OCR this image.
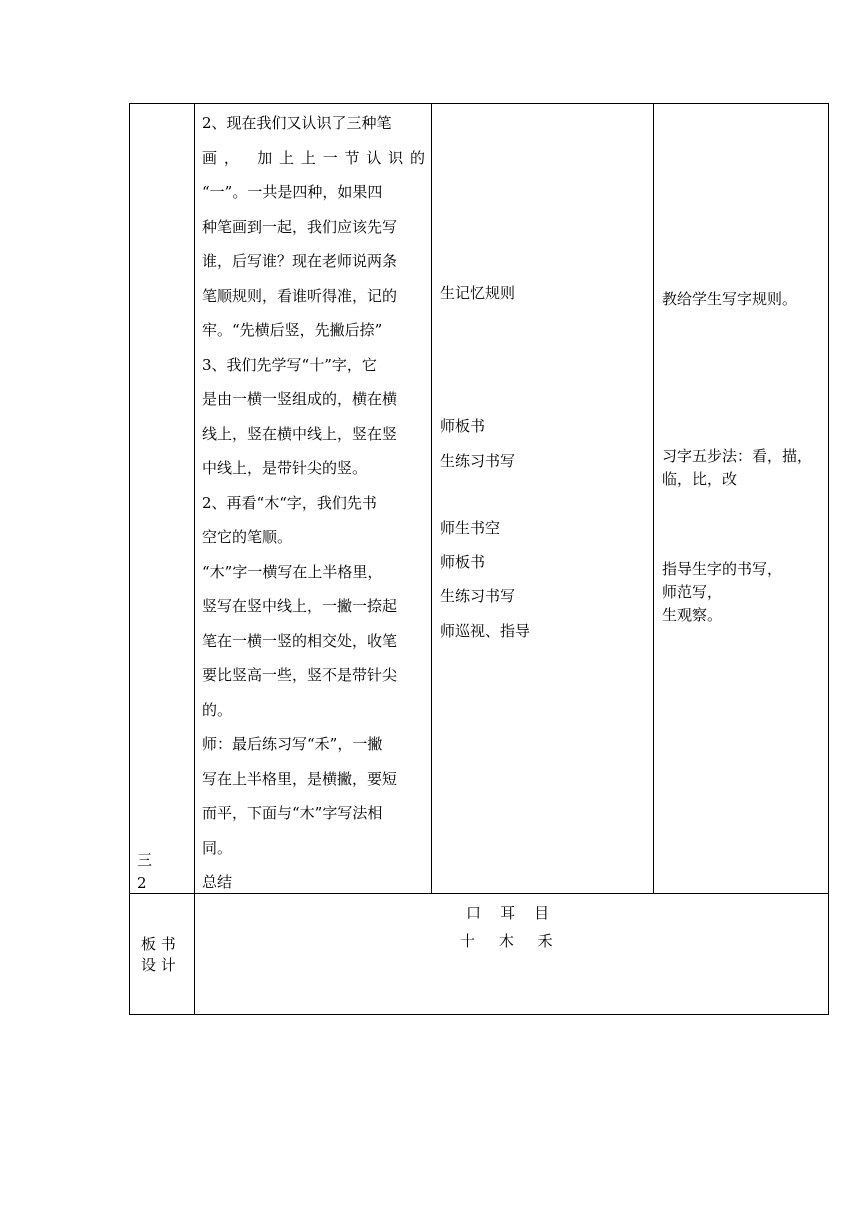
三
2
2、现在我们又认识了三种笔
画， 加上上一节认识的
“一”。一共是四种，如果四
种笔画到一起，我们应该先写
谁，后写谁？现在老师说两条
笔顺规则，看谁听得准，记的
牢。“先横后竖，先撇后捺”
3、我们先学写“十”字，它
是由一横一竖组成的，横在横
线上，竖在横中线上，竖在竖
中线上，是带针尖的竖。
2、再看“木“字，我们先书
空它的笔顺。
“木”字一横写在上半格里，
竖写在竖中线上，一撇一捺起
笔在一横一竖的相交处，收笔
要比竖高一些，竖不是带针尖
的。
师：最后练习写“禾”，一撇
写在上半格里，是横撇，要短
而平，下面与“木”字写法相
同。
总结
生记忆规则
师板书
生练习书写
师生书空
师板书
生练习书写
师巡视、指导
教给学生写字规则。
习字五步法：看，描，
临，比，改
指导生字的书写，
师范写，
生观察。
板 书
设 计
口    耳    目
十     木     禾
